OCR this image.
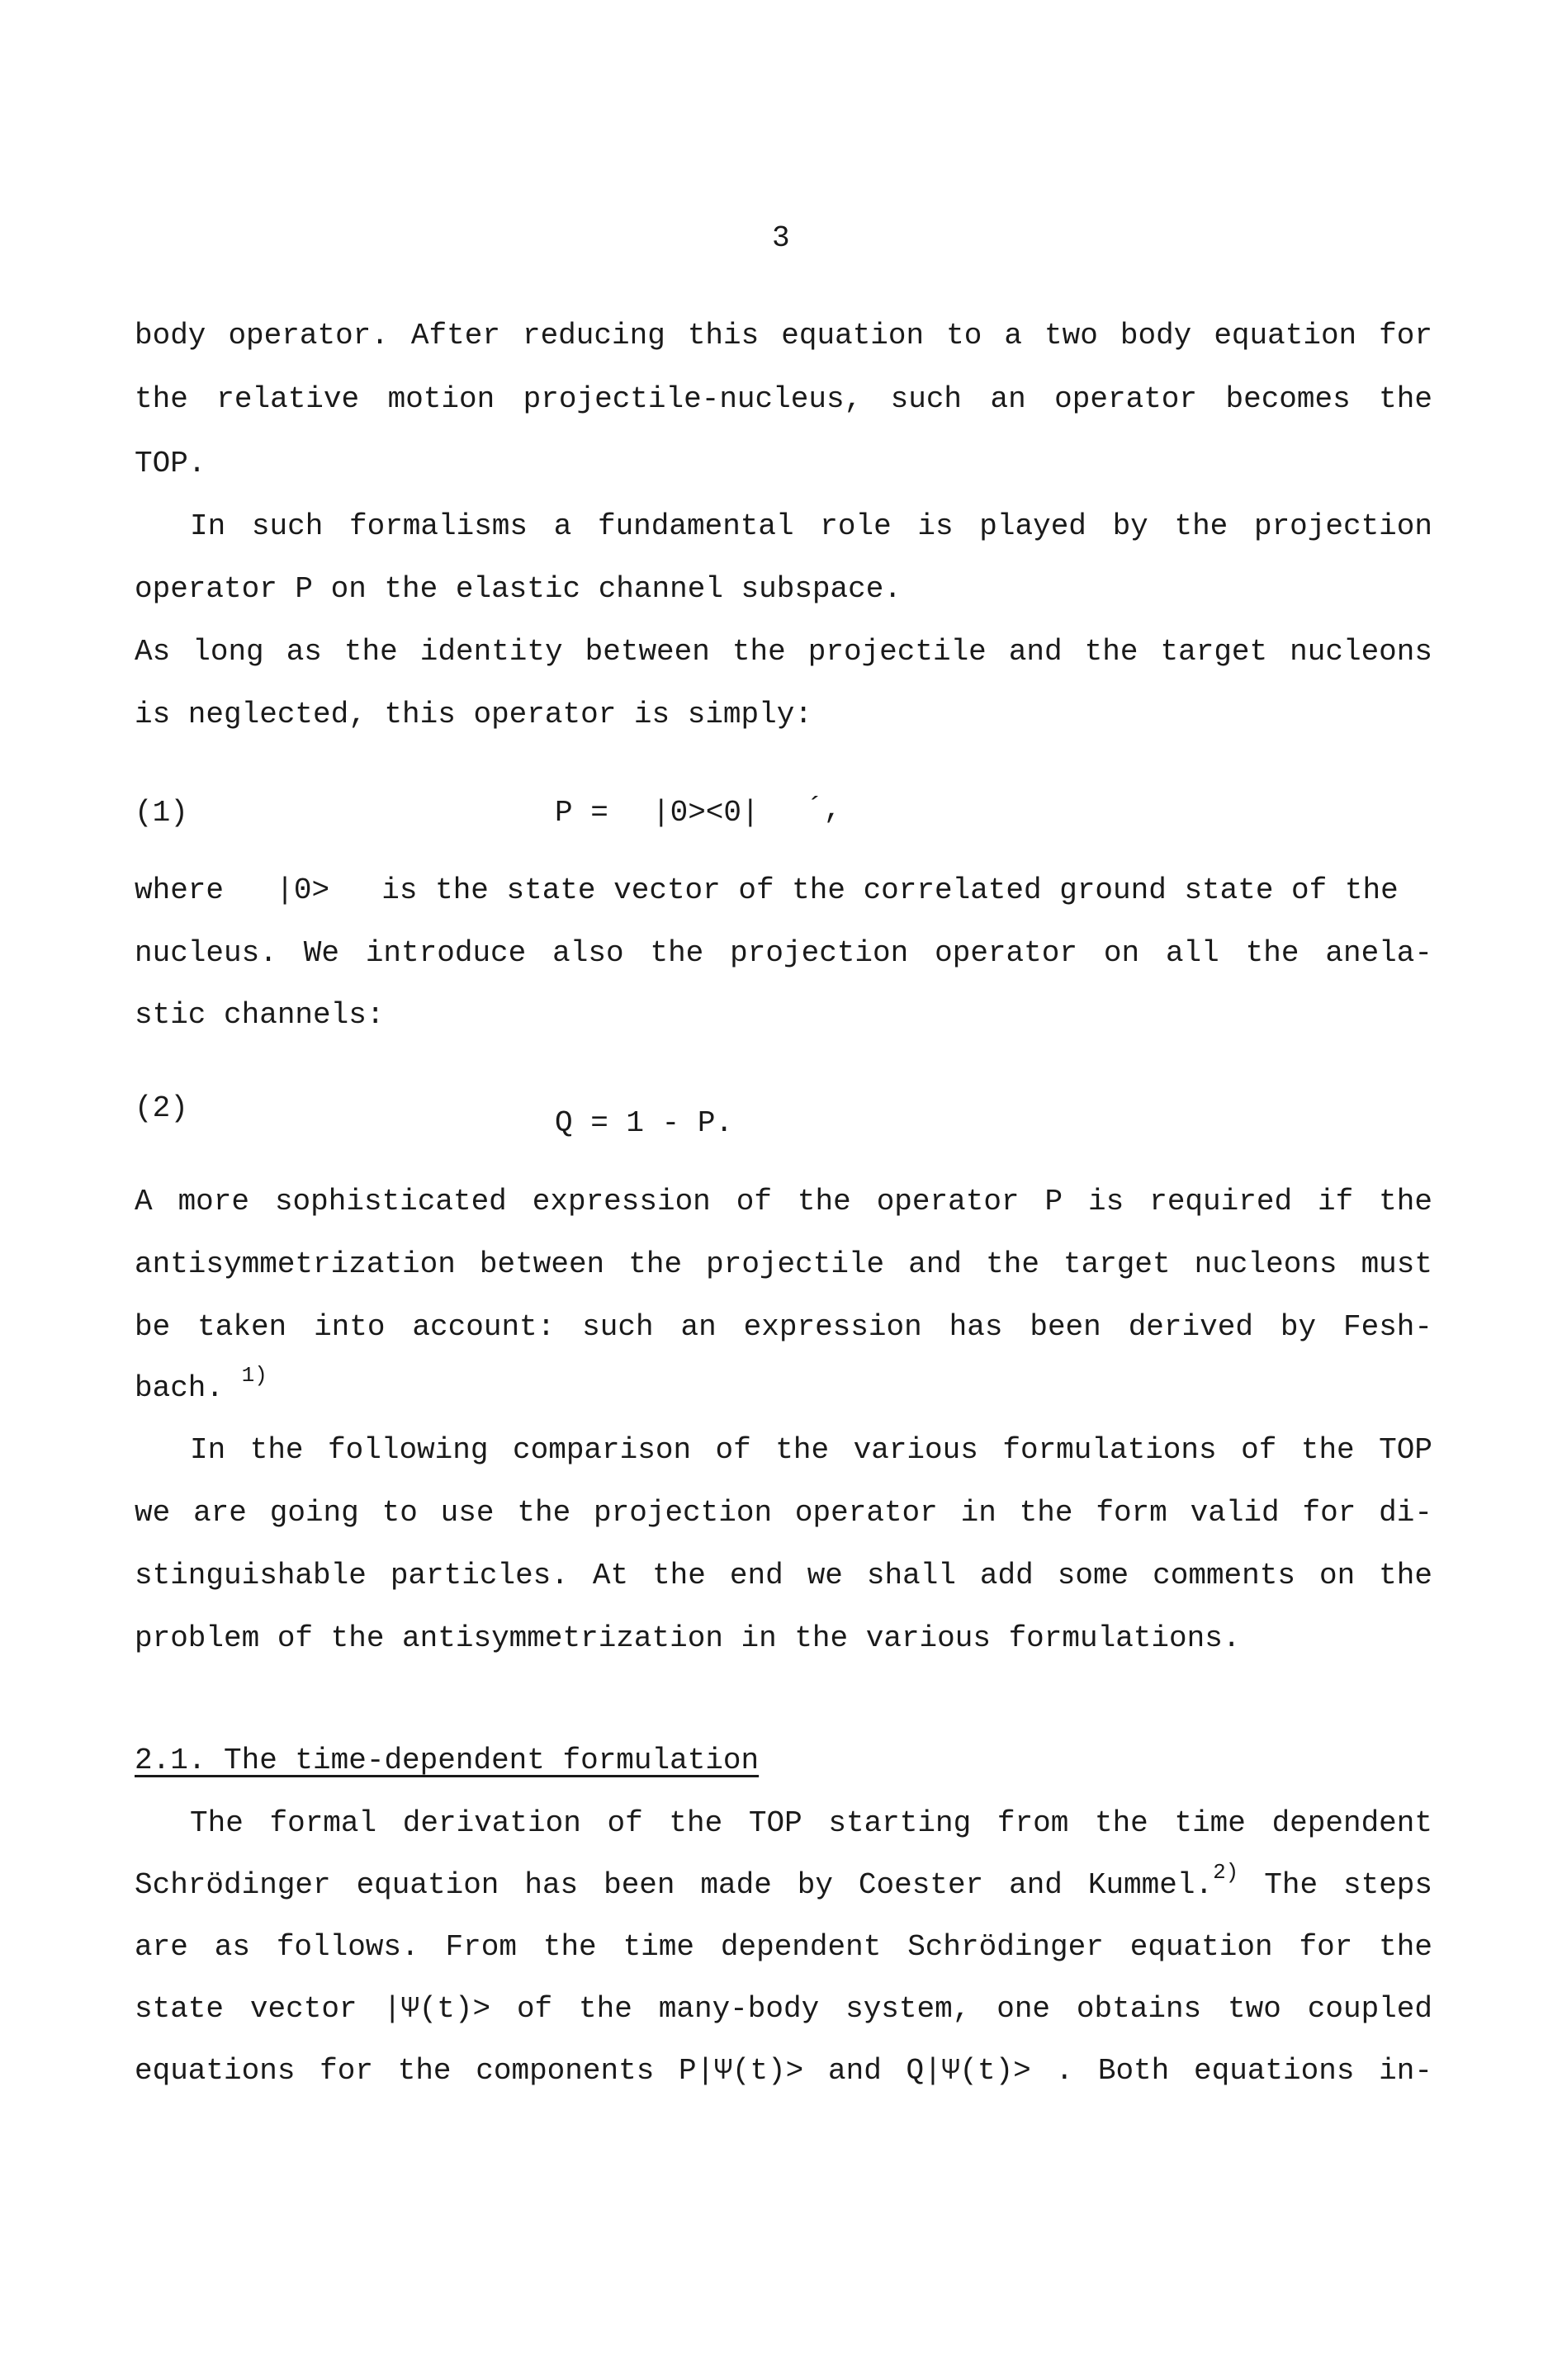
3
body operator. After reducing this equation to a two body equation for
the relative motion projectile-nucleus, such an operator becomes the
TOP.
In such formalisms a fundamental role is played by the projection
operator P on the elastic channel subspace.
As long as the identity between the projectile and the target nucleons
is neglected, this operator is simply:
(1)	P = |0><0| ´,
where |0> is the state vector of the correlated ground state of the
nucleus. We introduce also the projection operator on all the anela-
stic channels:
(2)	Q = 1 - P.
A more sophisticated expression of the operator P is required if the
antisymmetrization between the projectile and the target nucleons must
be taken into account: such an expression has been derived by Fesh-
bach. $^{1)}$
In the following comparison of the various formulations of the TOP
we are going to use the projection operator in the form valid for di-
stinguishable particles. At the end we shall add some comments on the
problem of the antisymmetrization in the various formulations.
2.1. The time-dependent formulation
The formal derivation of the TOP starting from the time dependent
Schrödinger equation has been made by Coester and Kummel.$^{2)}$ The steps
are as follows. From the time dependent Schrödinger equation for the
state vector |Ψ(t)> of the many-body system, one obtains two coupled
equations for the components P|Ψ(t)> and Q|Ψ(t)> . Both equations in-
